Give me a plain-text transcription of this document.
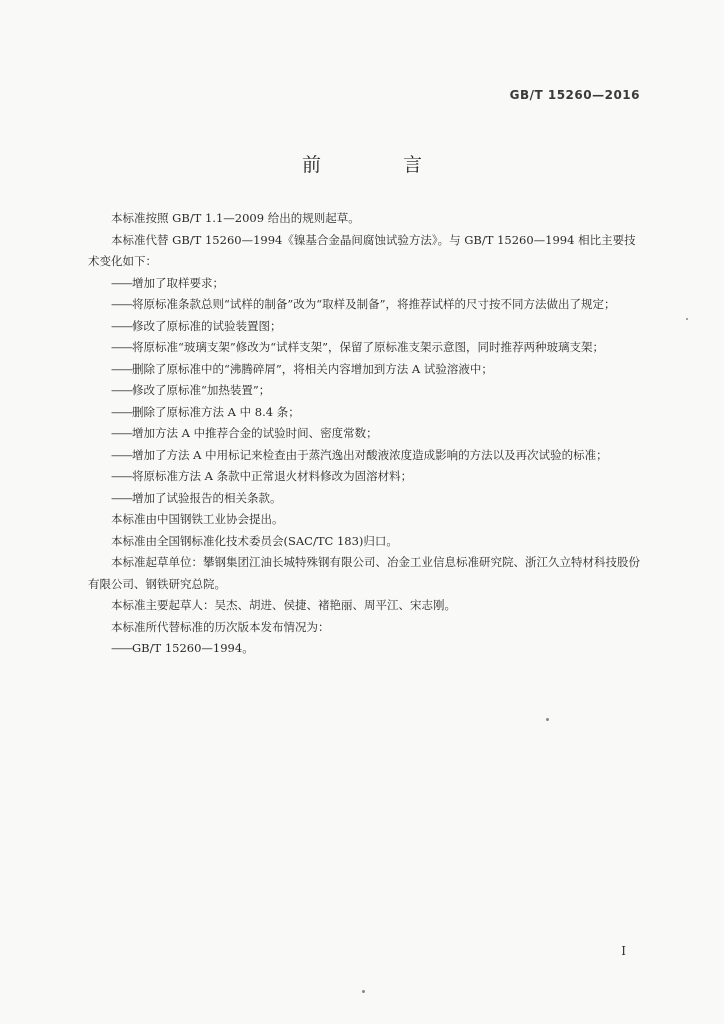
GB/T 15260—2016
前 言

本标准按照 GB/T 1.1—2009 给出的规则起草。

本标准代替 GB/T 15260—1994《镍基合金晶间腐蚀试验方法》。与 GB/T 15260—1994 相比主要技术变化如下：

——增加了取样要求；

——将原标准条款总则“试样的制备”改为“取样及制备”，将推荐试样的尺寸按不同方法做出了规定；

——修改了原标准的试验装置图；

——将原标准“玻璃支架”修改为“试样支架”，保留了原标准支架示意图，同时推荐两种玻璃支架；

——删除了原标准中的“沸腾碎屑”，将相关内容增加到方法 A 试验溶液中；

——修改了原标准“加热装置”；

——删除了原标准方法 A 中 8.4 条；

——增加方法 A 中推荐合金的试验时间、密度常数；

——增加了方法 A 中用标记来检查由于蒸汽逸出对酸液浓度造成影响的方法以及再次试验的标准；

——将原标准方法 A 条款中正常退火材料修改为固溶材料；

——增加了试验报告的相关条款。

本标准由中国钢铁工业协会提出。

本标准由全国钢标准化技术委员会(SAC/TC 183)归口。

本标准起草单位：攀钢集团江油长城特殊钢有限公司、冶金工业信息标准研究院、浙江久立特材科技股份有限公司、钢铁研究总院。

本标准主要起草人：吴杰、胡进、侯捷、褚艳丽、周平江、宋志刚。

本标准所代替标准的历次版本发布情况为：

——GB/T 15260—1994。

I
